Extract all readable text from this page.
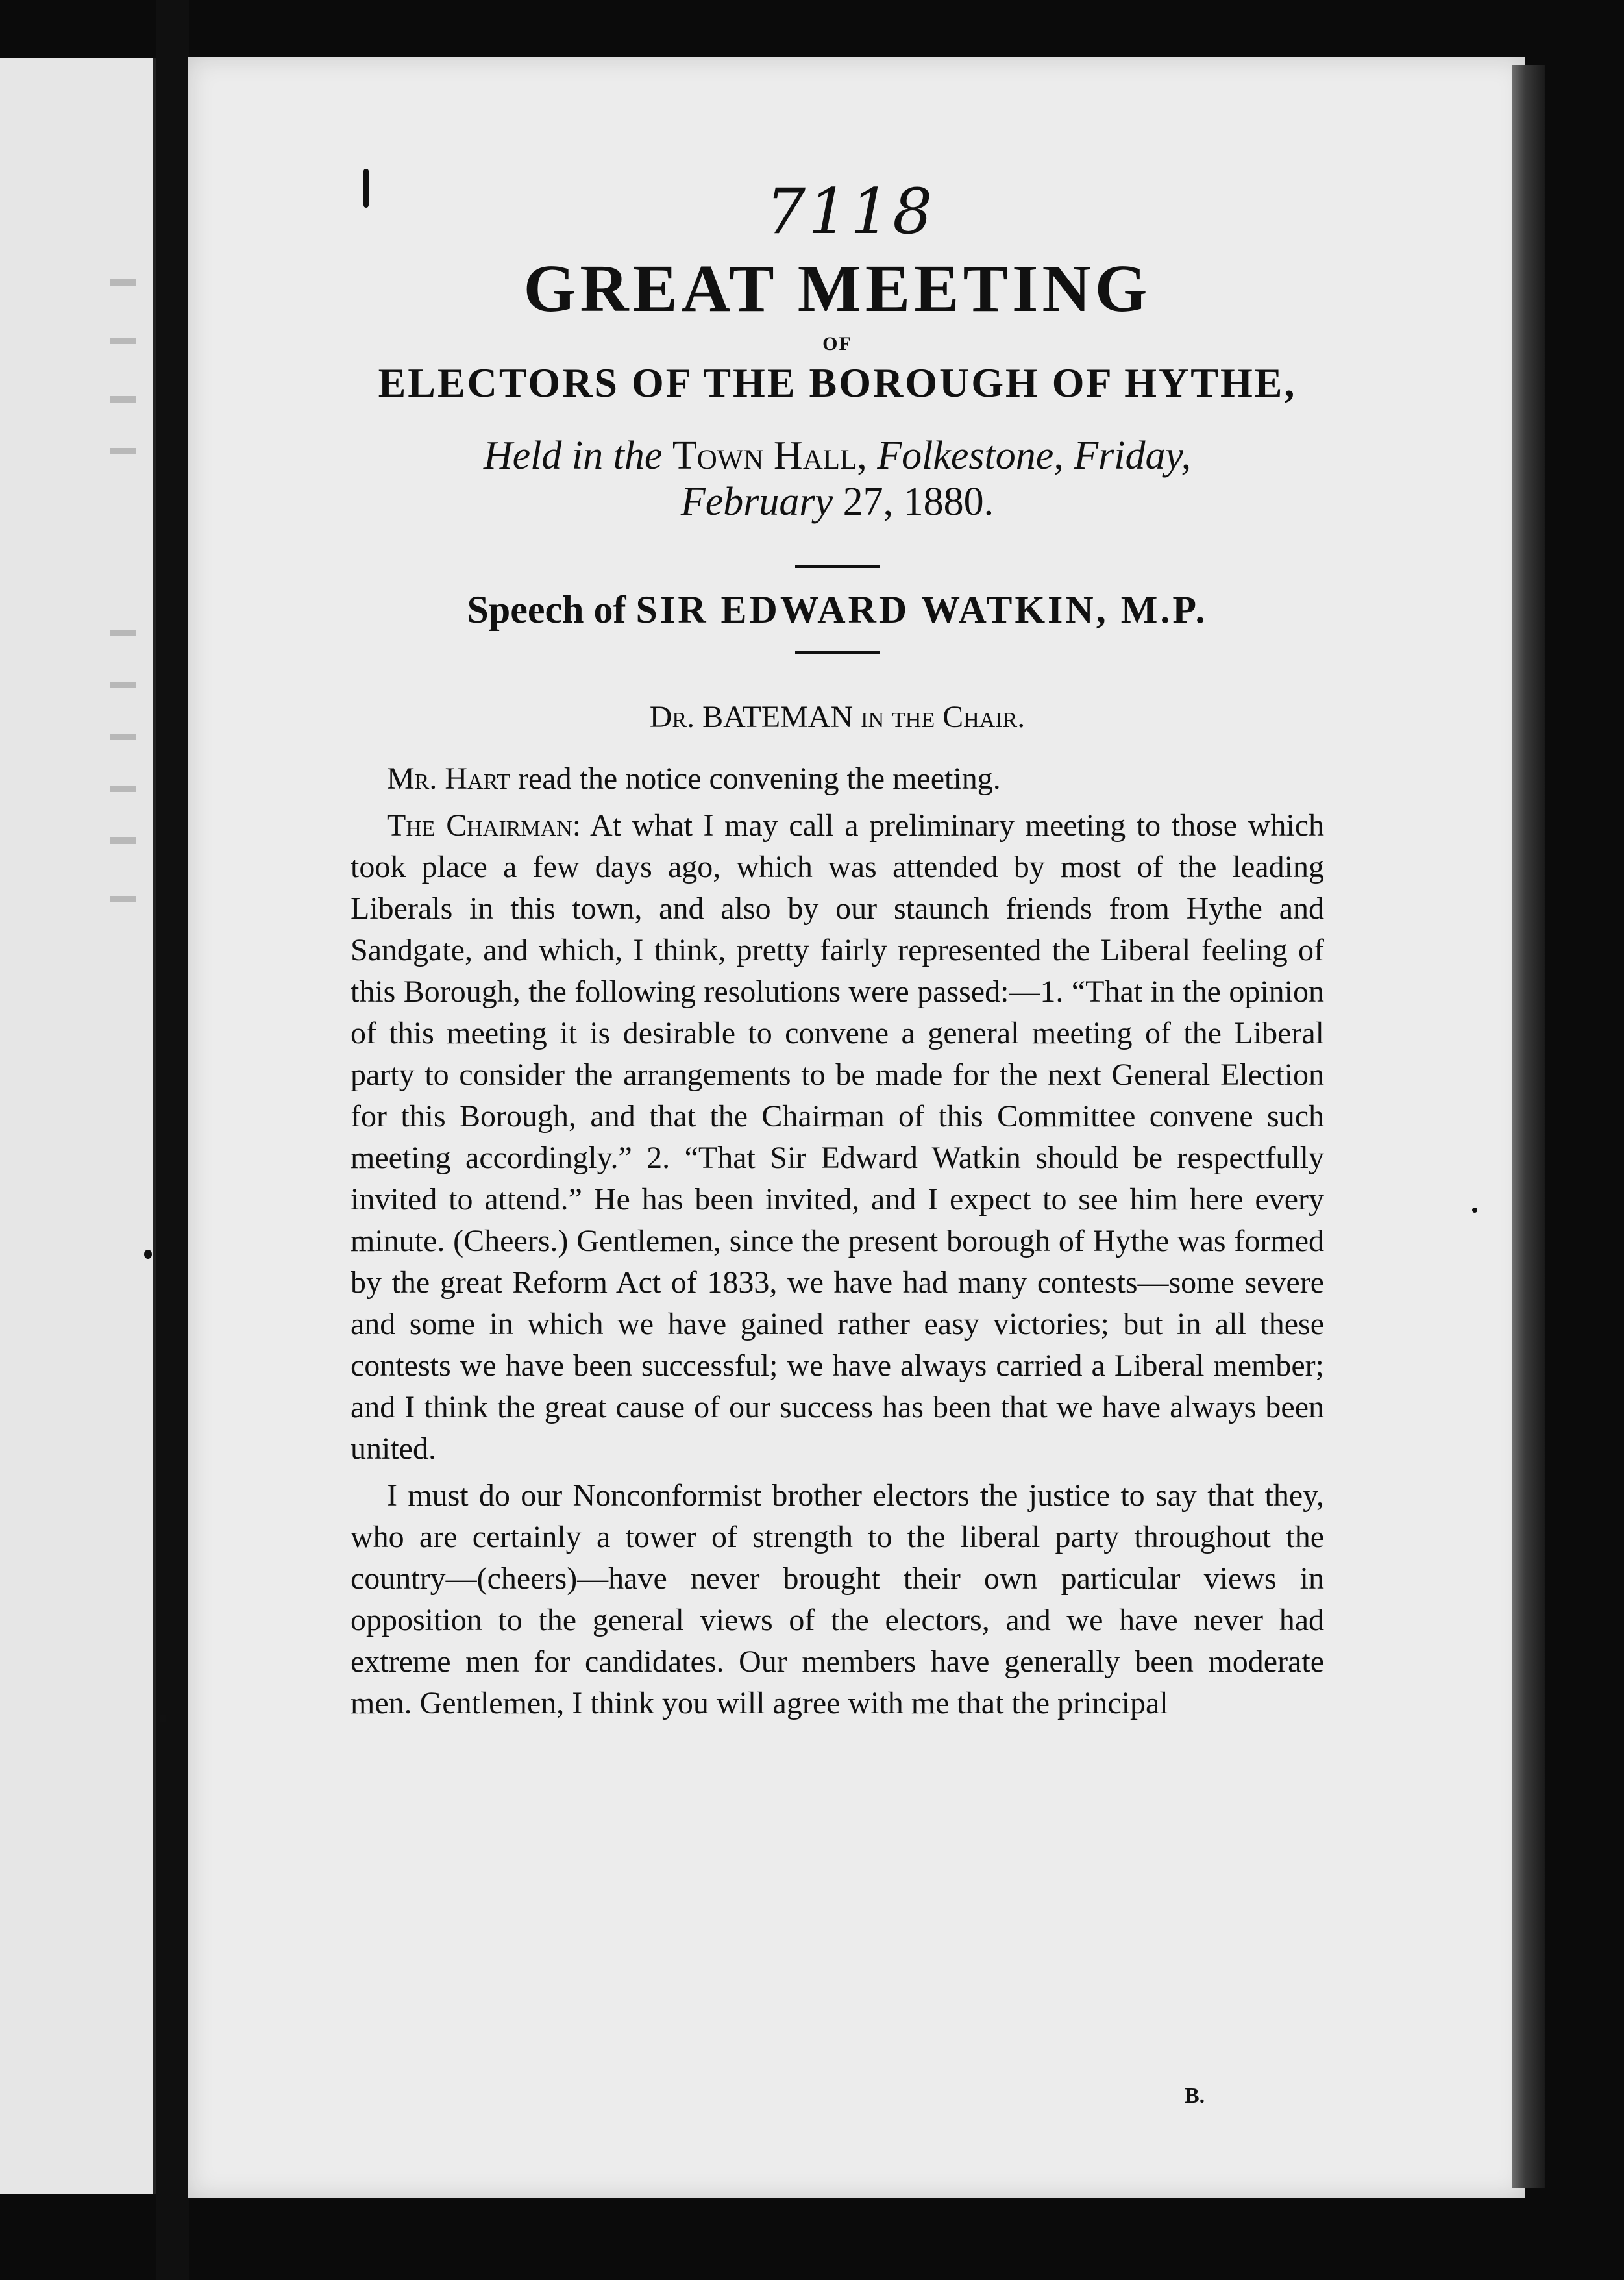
7118
GREAT MEETING
OF
ELECTORS OF THE BOROUGH OF HYTHE,
Held in the Town Hall, Folkestone, Friday,
February 27, 1880.
Speech of SIR EDWARD WATKIN, M.P.
Dr. BATEMAN in the Chair.

Mr. Hart read the notice convening the meeting.

The Chairman: At what I may call a preliminary meeting to those which took place a few days ago, which was attended by most of the leading Liberals in this town, and also by our staunch friends from Hythe and Sandgate, and which, I think, pretty fairly represented the Liberal feeling of this Borough, the following resolutions were passed:—1. “That in the opinion of this meeting it is desirable to convene a general meeting of the Liberal party to consider the arrangements to be made for the next General Election for this Borough, and that the Chairman of this Committee convene such meeting accordingly.” 2. “That Sir Edward Watkin should be respectfully invited to attend.” He has been invited, and I expect to see him here every minute. (Cheers.) Gentlemen, since the present borough of Hythe was formed by the great Reform Act of 1833, we have had many contests—some severe and some in which we have gained rather easy victories; but in all these contests we have been successful; we have always carried a Liberal member; and I think the great cause of our success has been that we have always been united.

I must do our Nonconformist brother electors the justice to say that they, who are certainly a tower of strength to the liberal party throughout the country—(cheers)—have never brought their own particular views in opposition to the general views of the electors, and we have never had extreme men for candidates. Our members have generally been moderate men. Gentlemen, I think you will agree with me that the principal

B.
